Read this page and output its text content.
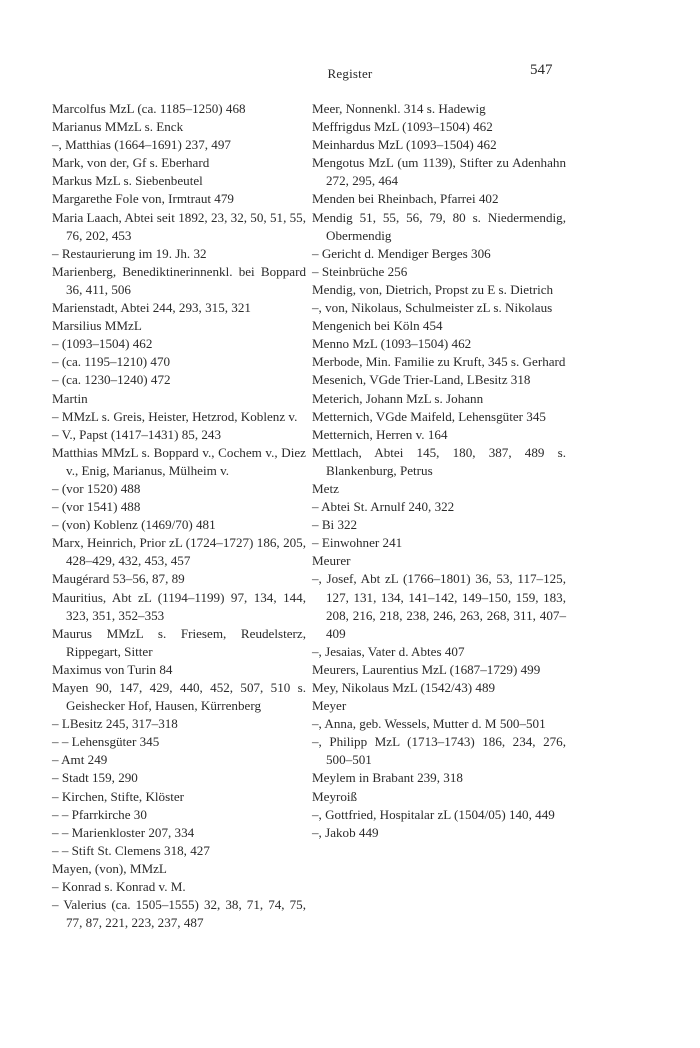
Register	547
Marcolfus MzL (ca. 1185–1250) 468
Marianus MMzL s. Enck
–, Matthias (1664–1691) 237, 497
Mark, von der, Gf s. Eberhard
Markus MzL s. Siebenbeutel
Margarethe Fole von, Irmtraut 479
Maria Laach, Abtei seit 1892, 23, 32, 50, 51, 55, 76, 202, 453
– Restaurierung im 19. Jh. 32
Marienberg, Benediktinerinnenkl. bei Boppard 36, 411, 506
Marienstadt, Abtei 244, 293, 315, 321
Marsilius MMzL
– (1093–1504) 462
– (ca. 1195–1210) 470
– (ca. 1230–1240) 472
Martin
– MMzL s. Greis, Heister, Hetzrod, Koblenz v.
– V., Papst (1417–1431) 85, 243
Matthias MMzL s. Boppard v., Cochem v., Diez v., Enig, Marianus, Mülheim v.
– (vor 1520) 488
– (vor 1541) 488
– (von) Koblenz (1469/70) 481
Marx, Heinrich, Prior zL (1724–1727) 186, 205, 428–429, 432, 453, 457
Maugérard 53–56, 87, 89
Mauritius, Abt zL (1194–1199) 97, 134, 144, 323, 351, 352–353
Maurus MMzL s. Friesem, Reudelsterz, Rippegart, Sitter
Maximus von Turin 84
Mayen 90, 147, 429, 440, 452, 507, 510 s. Geishecker Hof, Hausen, Kürrenberg
– LBesitz 245, 317–318
– – Lehensgüter 345
– Amt 249
– Stadt 159, 290
– Kirchen, Stifte, Klöster
– – Pfarrkirche 30
– – Marienkloster 207, 334
– – Stift St. Clemens 318, 427
Mayen, (von), MMzL
– Konrad s. Konrad v. M.
– Valerius (ca. 1505–1555) 32, 38, 71, 74, 75, 77, 87, 221, 223, 237, 487
Meer, Nonnenkl. 314 s. Hadewig
Meffrigdus MzL (1093–1504) 462
Meinhardus MzL (1093–1504) 462
Mengotus MzL (um 1139), Stifter zu Adenhahn 272, 295, 464
Menden bei Rheinbach, Pfarrei 402
Mendig 51, 55, 56, 79, 80 s. Niedermendig, Obermendig
– Gericht d. Mendiger Berges 306
– Steinbrüche 256
Mendig, von, Dietrich, Propst zu E s. Dietrich
–, von, Nikolaus, Schulmeister zL s. Nikolaus
Mengenich bei Köln 454
Menno MzL (1093–1504) 462
Merbode, Min. Familie zu Kruft, 345 s. Gerhard
Mesenich, VGde Trier-Land, LBesitz 318
Meterich, Johann MzL s. Johann
Metternich, VGde Maifeld, Lehensgüter 345
Metternich, Herren v. 164
Mettlach, Abtei 145, 180, 387, 489 s. Blankenburg, Petrus
Metz
– Abtei St. Arnulf 240, 322
– Bi 322
– Einwohner 241
Meurer
–, Josef, Abt zL (1766–1801) 36, 53, 117–125, 127, 131, 134, 141–142, 149–150, 159, 183, 208, 216, 218, 238, 246, 263, 268, 311, 407–409
–, Jesaias, Vater d. Abtes 407
Meurers, Laurentius MzL (1687–1729) 499
Mey, Nikolaus MzL (1542/43) 489
Meyer
–, Anna, geb. Wessels, Mutter d. M 500–501
–, Philipp MzL (1713–1743) 186, 234, 276, 500–501
Meylem in Brabant 239, 318
Meyroiß
–, Gottfried, Hospitalar zL (1504/05) 140, 449
–, Jakob 449
